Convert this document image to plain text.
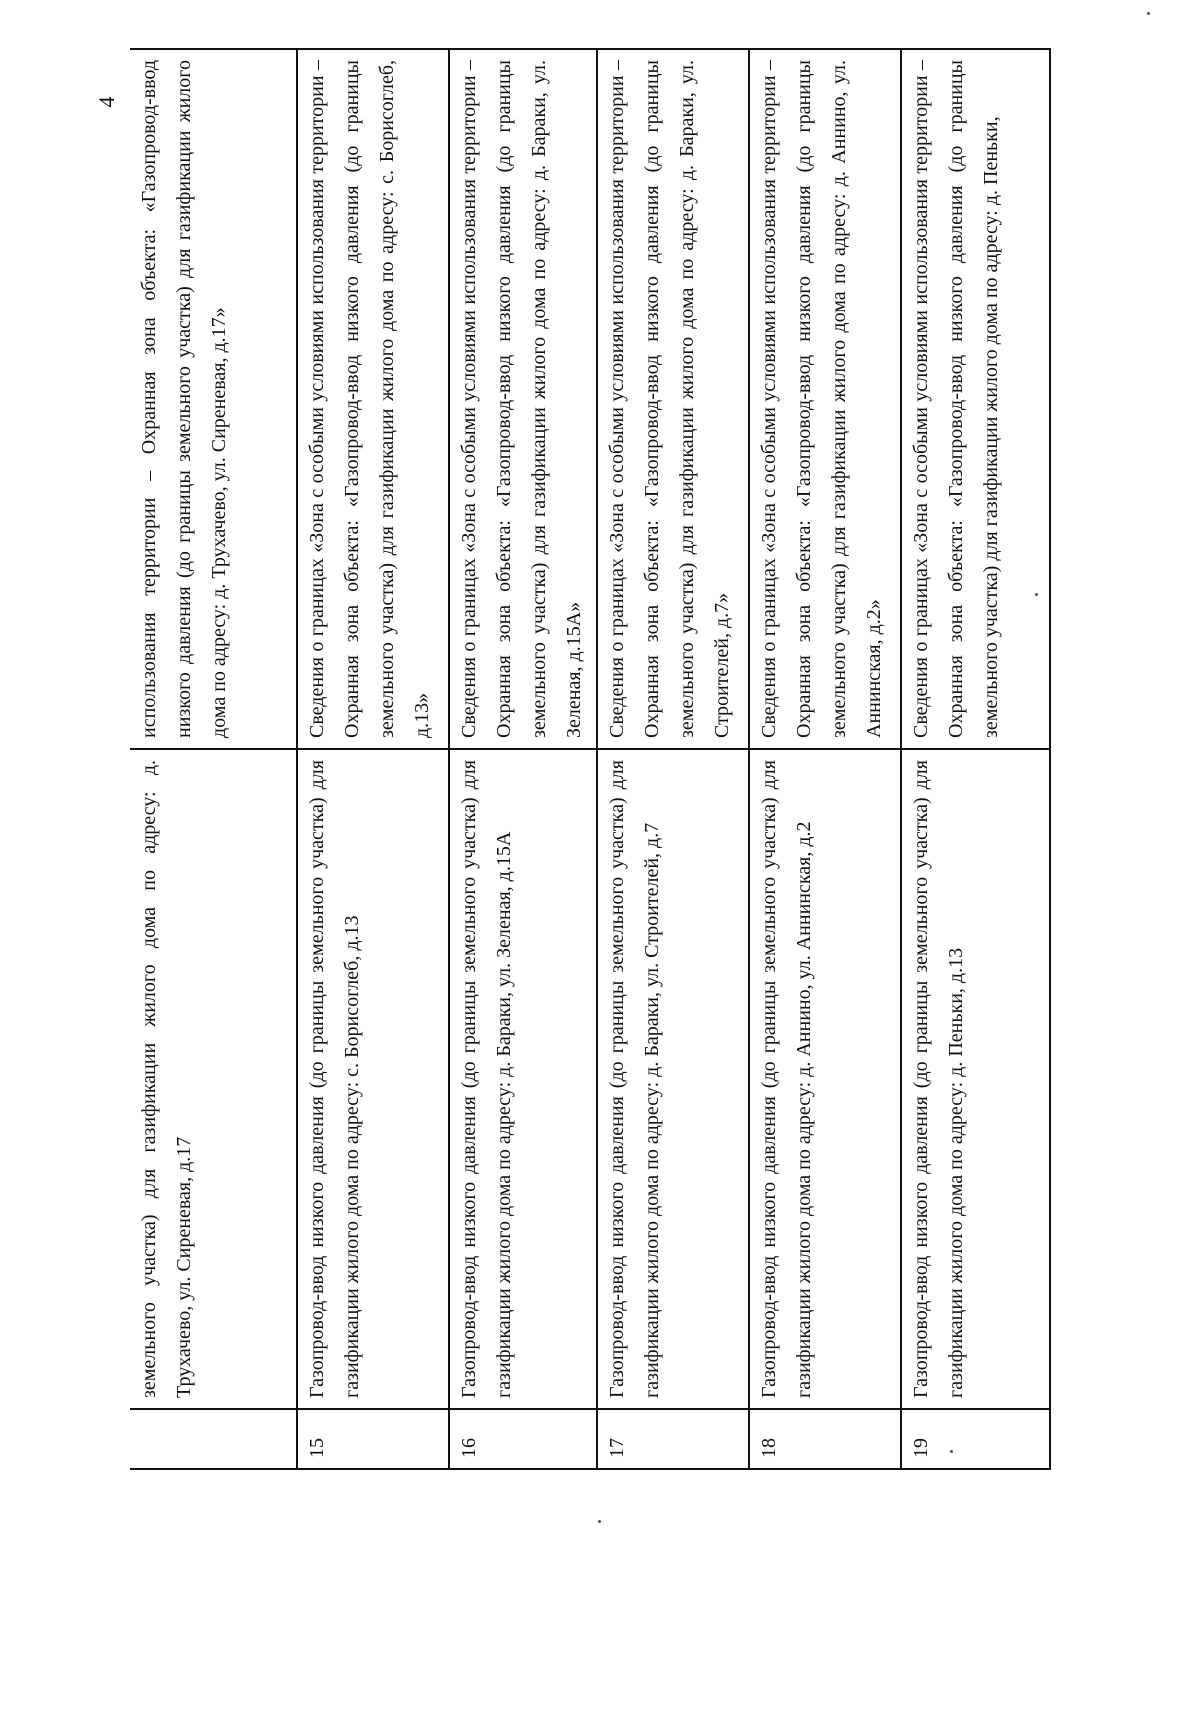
4
	земельного участка) для газификации жилого дома по адресу: д. Трухачево, ул. Сиреневая, д.17	использования территории – Охранная зона объекта: «Газопровод-ввод низкого давления (до границы земельного участка) для газификации жилого дома по адресу: д. Трухачево, ул. Сиреневая, д.17»
15	Газопровод-ввод низкого давления (до границы земельного участка) для газификации жилого дома по адресу: с. Борисоглеб, д.13	Сведения о границах «Зона с особыми условиями использования территории – Охранная зона объекта: «Газопровод-ввод низкого давления (до границы земельного участка) для газификации жилого дома по адресу: с. Борисоглеб, д.13»
16	Газопровод-ввод низкого давления (до границы земельного участка) для газификации жилого дома по адресу: д. Бараки, ул. Зеленая, д.15А	Сведения о границах «Зона с особыми условиями использования территории – Охранная зона объекта: «Газопровод-ввод низкого давления (до границы земельного участка) для газификации жилого дома по адресу: д. Бараки, ул. Зеленая, д.15А»
17	Газопровод-ввод низкого давления (до границы земельного участка) для газификации жилого дома по адресу: д. Бараки, ул. Строителей, д.7	Сведения о границах «Зона с особыми условиями использования территории – Охранная зона объекта: «Газопровод-ввод низкого давления (до границы земельного участка) для газификации жилого дома по адресу: д. Бараки, ул. Строителей, д.7»
18	Газопровод-ввод низкого давления (до границы земельного участка) для газификации жилого дома по адресу: д. Аннино, ул. Аннинская, д.2	Сведения о границах «Зона с особыми условиями использования территории – Охранная зона объекта: «Газопровод-ввод низкого давления (до границы земельного участка) для газификации жилого дома по адресу: д. Аннино, ул. Аннинская, д.2»
19	Газопровод-ввод низкого давления (до границы земельного участка) для газификации жилого дома по адресу: д. Пеньки, д.13	Сведения о границах «Зона с особыми условиями использования территории – Охранная зона объекта: «Газопровод-ввод низкого давления (до границы земельного участка) для газификации жилого дома по адресу: д. Пеньки,
